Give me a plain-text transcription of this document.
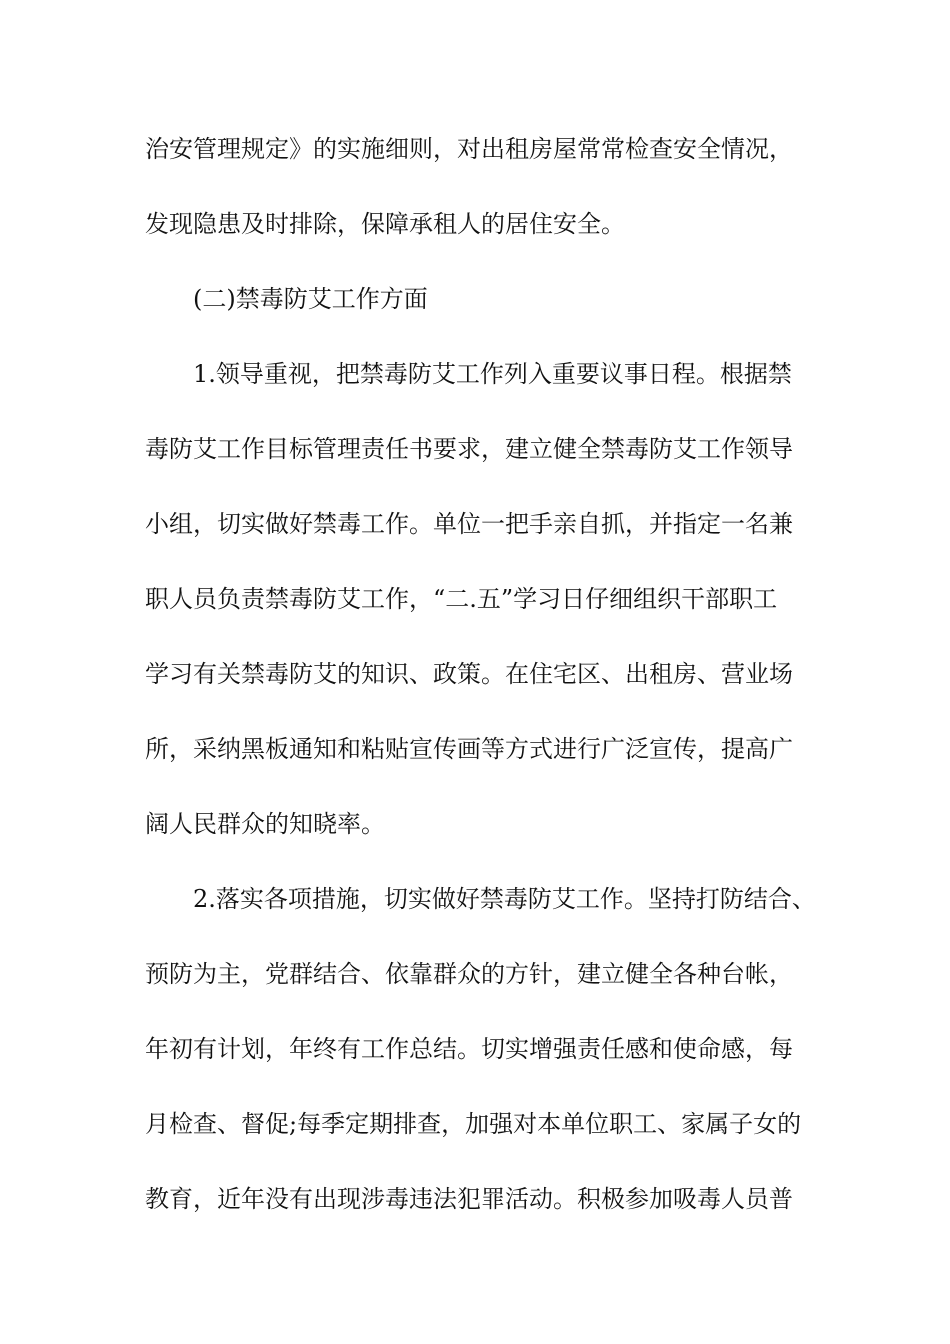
治安管理规定》的实施细则，对出租房屋常常检查安全情况，
发现隐患及时排除，保障承租人的居住安全。
(二)禁毒防艾工作方面
1.领导重视，把禁毒防艾工作列入重要议事日程。根据禁
毒防艾工作目标管理责任书要求，建立健全禁毒防艾工作领导
小组，切实做好禁毒工作。单位一把手亲自抓，并指定一名兼
职人员负责禁毒防艾工作，“二.五”学习日仔细组织干部职工
学习有关禁毒防艾的知识、政策。在住宅区、出租房、营业场
所，采纳黑板通知和粘贴宣传画等方式进行广泛宣传，提高广
阔人民群众的知晓率。
2.落实各项措施，切实做好禁毒防艾工作。坚持打防结合、
预防为主，党群结合、依靠群众的方针，建立健全各种台帐，
年初有计划，年终有工作总结。切实增强责任感和使命感，每
月检查、督促;每季定期排查，加强对本单位职工、家属子女的
教育，近年没有出现涉毒违法犯罪活动。积极参加吸毒人员普
